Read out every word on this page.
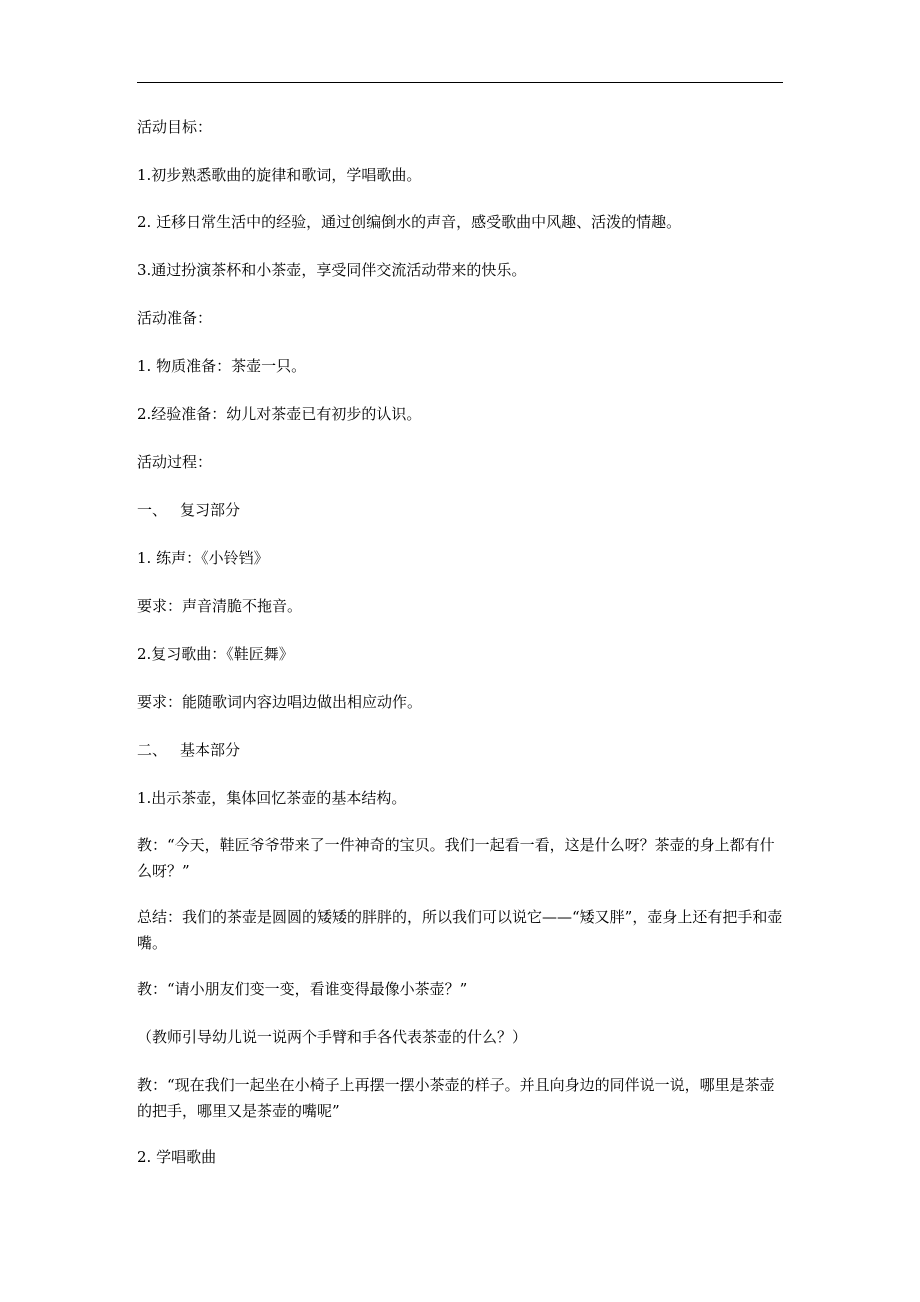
活动目标：

1.初步熟悉歌曲的旋律和歌词，学唱歌曲。

2. 迁移日常生活中的经验，通过创编倒水的声音，感受歌曲中风趣、活泼的情趣。

3.通过扮演茶杯和小茶壶，享受同伴交流活动带来的快乐。

活动准备：

1. 物质准备：茶壶一只。

2.经验准备：幼儿对茶壶已有初步的认识。

活动过程：

一、 复习部分

1. 练声：《小铃铛》

要求：声音清脆不拖音。

2.复习歌曲：《鞋匠舞》

要求：能随歌词内容边唱边做出相应动作。

二、 基本部分

1.出示茶壶，集体回忆茶壶的基本结构。

教：“今天，鞋匠爷爷带来了一件神奇的宝贝。我们一起看一看，这是什么呀？茶壶的身上都有什么呀？”

总结：我们的茶壶是圆圆的矮矮的胖胖的，所以我们可以说它——“矮又胖”，壶身上还有把手和壶嘴。

教：“请小朋友们变一变，看谁变得最像小茶壶？”

（教师引导幼儿说一说两个手臂和手各代表茶壶的什么？）

教：“现在我们一起坐在小椅子上再摆一摆小茶壶的样子。并且向身边的同伴说一说，哪里是茶壶的把手，哪里又是茶壶的嘴呢”

2. 学唱歌曲
